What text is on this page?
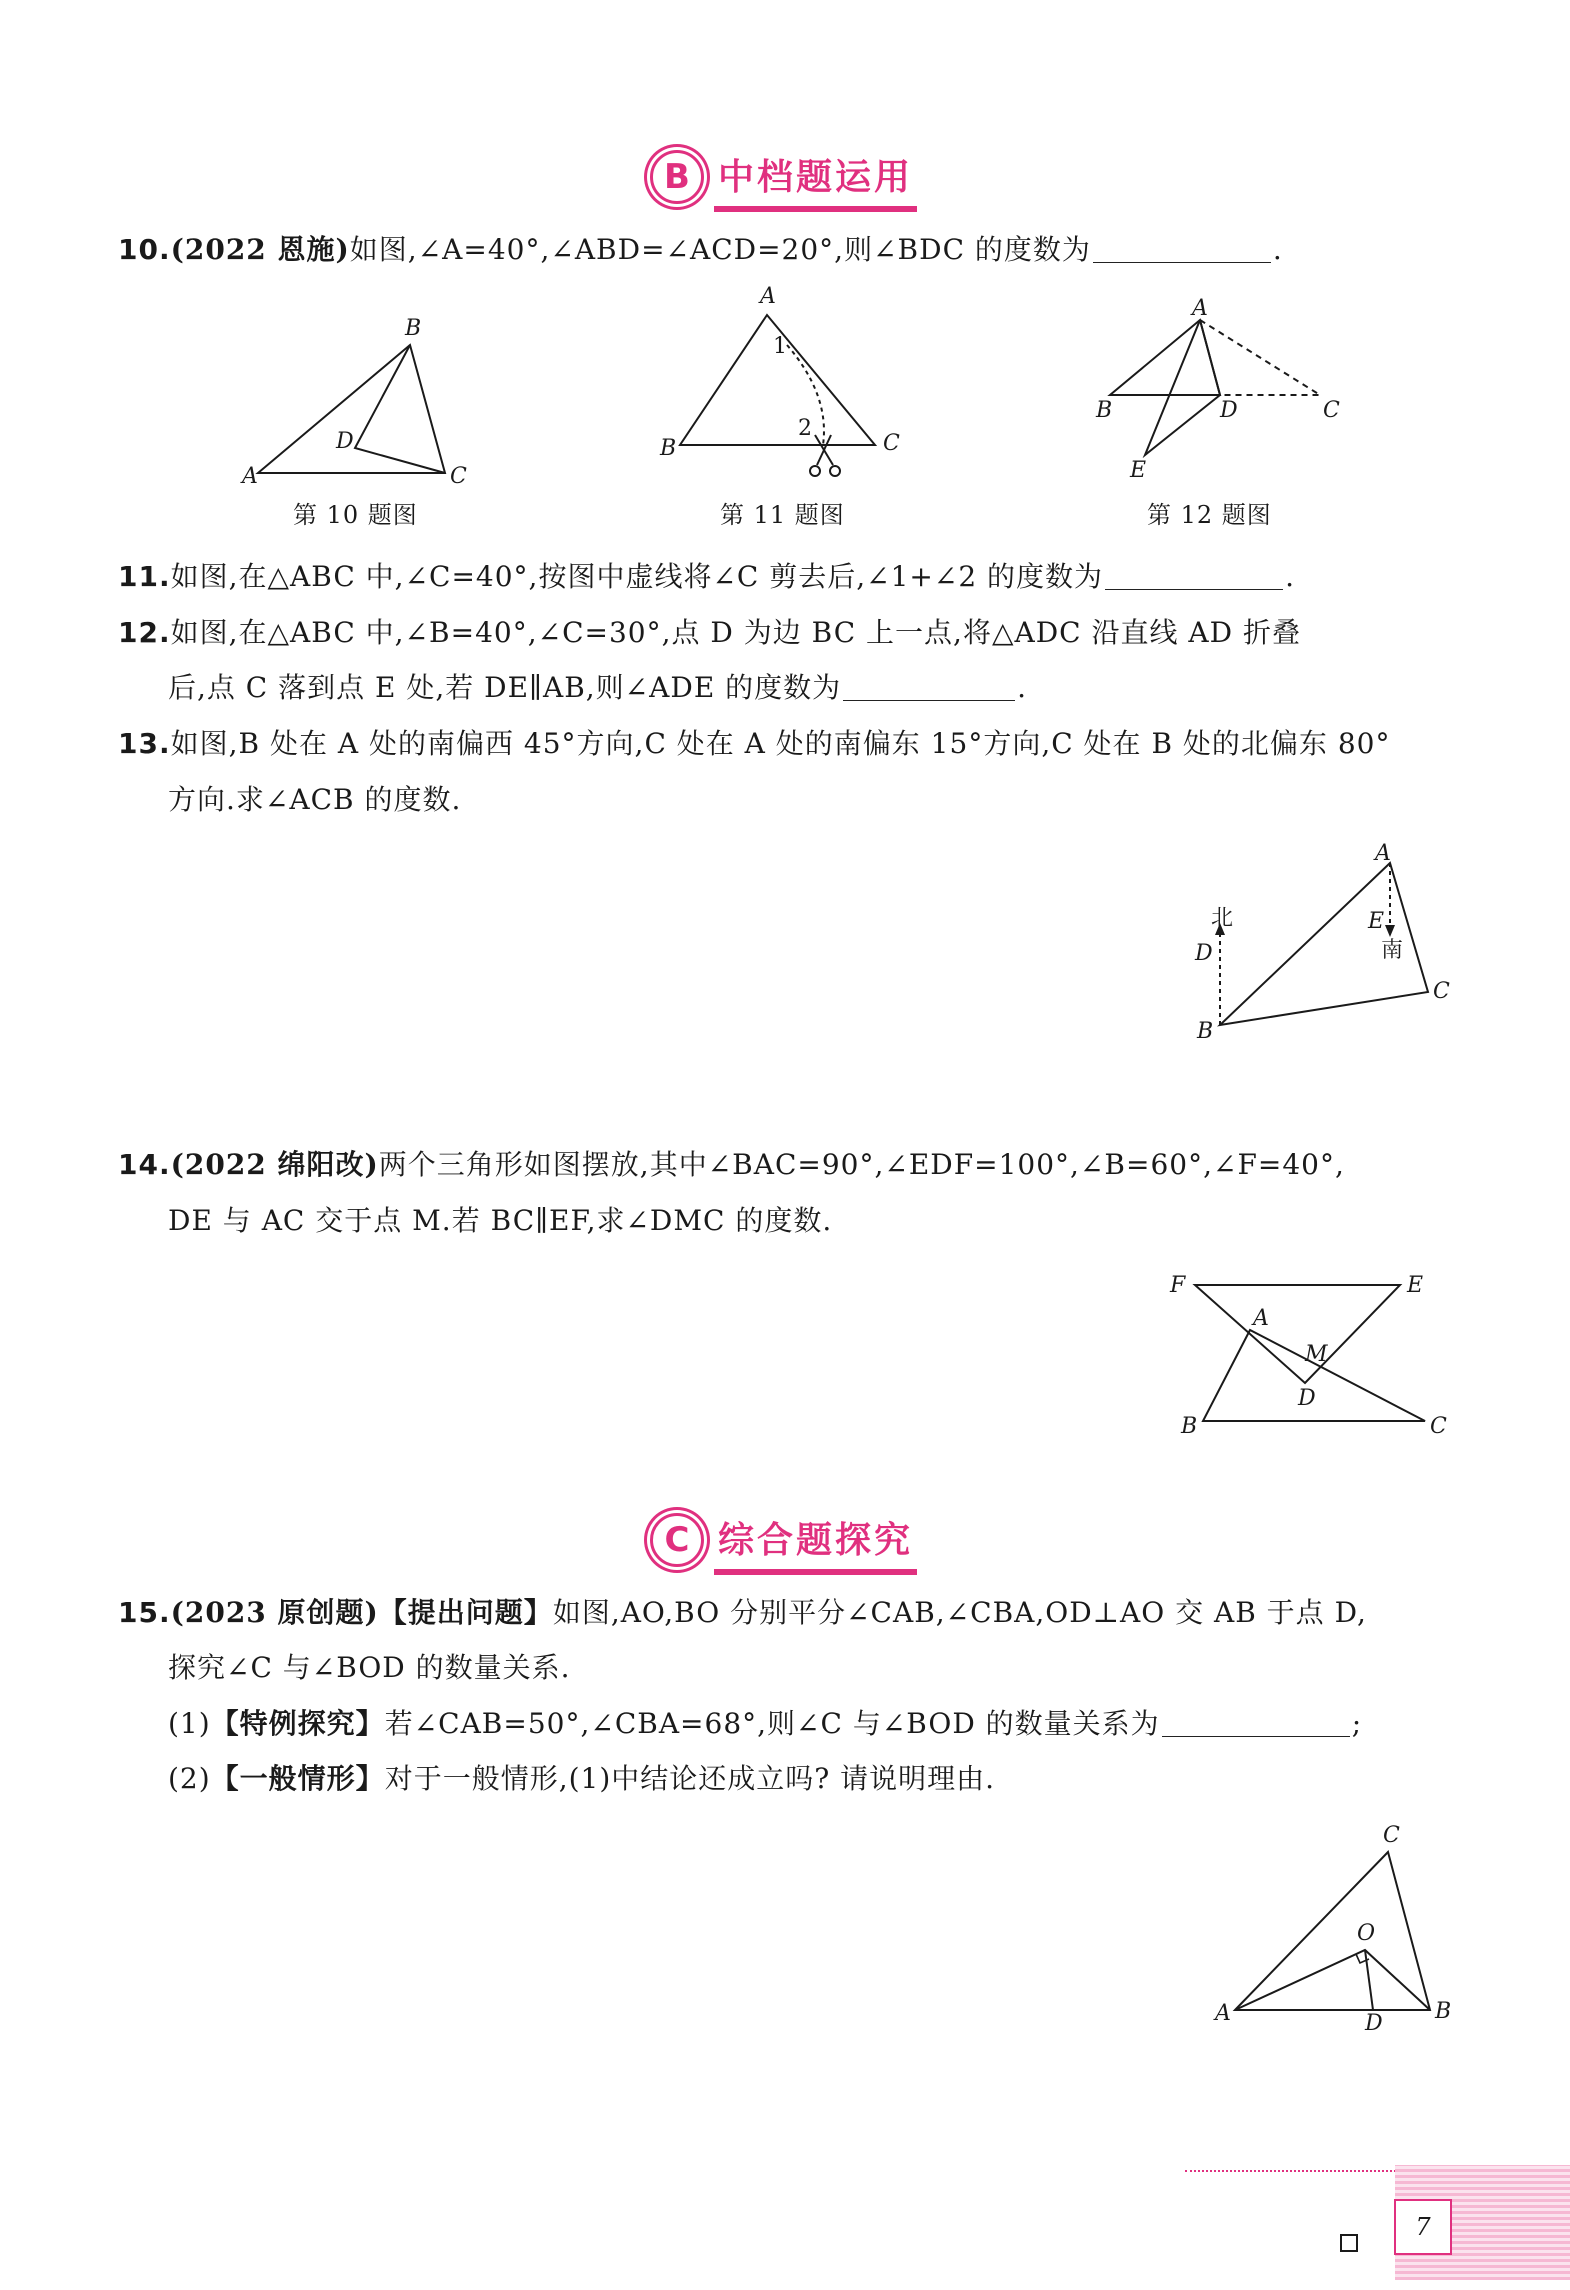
B 中档题运用
10.(2022 恩施)如图,∠A=40°,∠ABD=∠ACD=20°,则∠BDC 的度数为	.
A
B
C
D
第 10 题图
A
B	C
1
2
第 11 题图
A
B	C
D
E
第 12 题图
11.如图,在△ABC 中,∠C=40°,按图中虚线将∠C 剪去后,∠1+∠2 的度数为	.
12.如图,在△ABC 中,∠B=40°,∠C=30°,点 D 为边 BC 上一点,将△ADC 沿直线 AD 折叠
后,点 C 落到点 E 处,若 DE∥AB,则∠ADE 的度数为	.
13.如图,B 处在 A 处的南偏西 45°方向,C 处在 A 处的南偏东 15°方向,C 处在 B 处的北偏东 80°
方向.求∠ACB 的度数.
A
B
C
D
E
北
南
14.(2022 绵阳改)两个三角形如图摆放,其中∠BAC=90°,∠EDF=100°,∠B=60°,∠F=40°,
DE 与 AC 交于点 M.若 BC∥EF,求∠DMC 的度数.
F	E
A
M
D
B	C
C 综合题探究
15.(2023 原创题)【提出问题】如图,AO,BO 分别平分∠CAB,∠CBA,OD⊥AO 交 AB 于点 D,
探究∠C 与∠BOD 的数量关系.
(1)【特例探究】若∠CAB=50°,∠CBA=68°,则∠C 与∠BOD 的数量关系为	;
(2)【一般情形】对于一般情形,(1)中结论还成立吗? 请说明理由.
A	B
C
D
O
7
